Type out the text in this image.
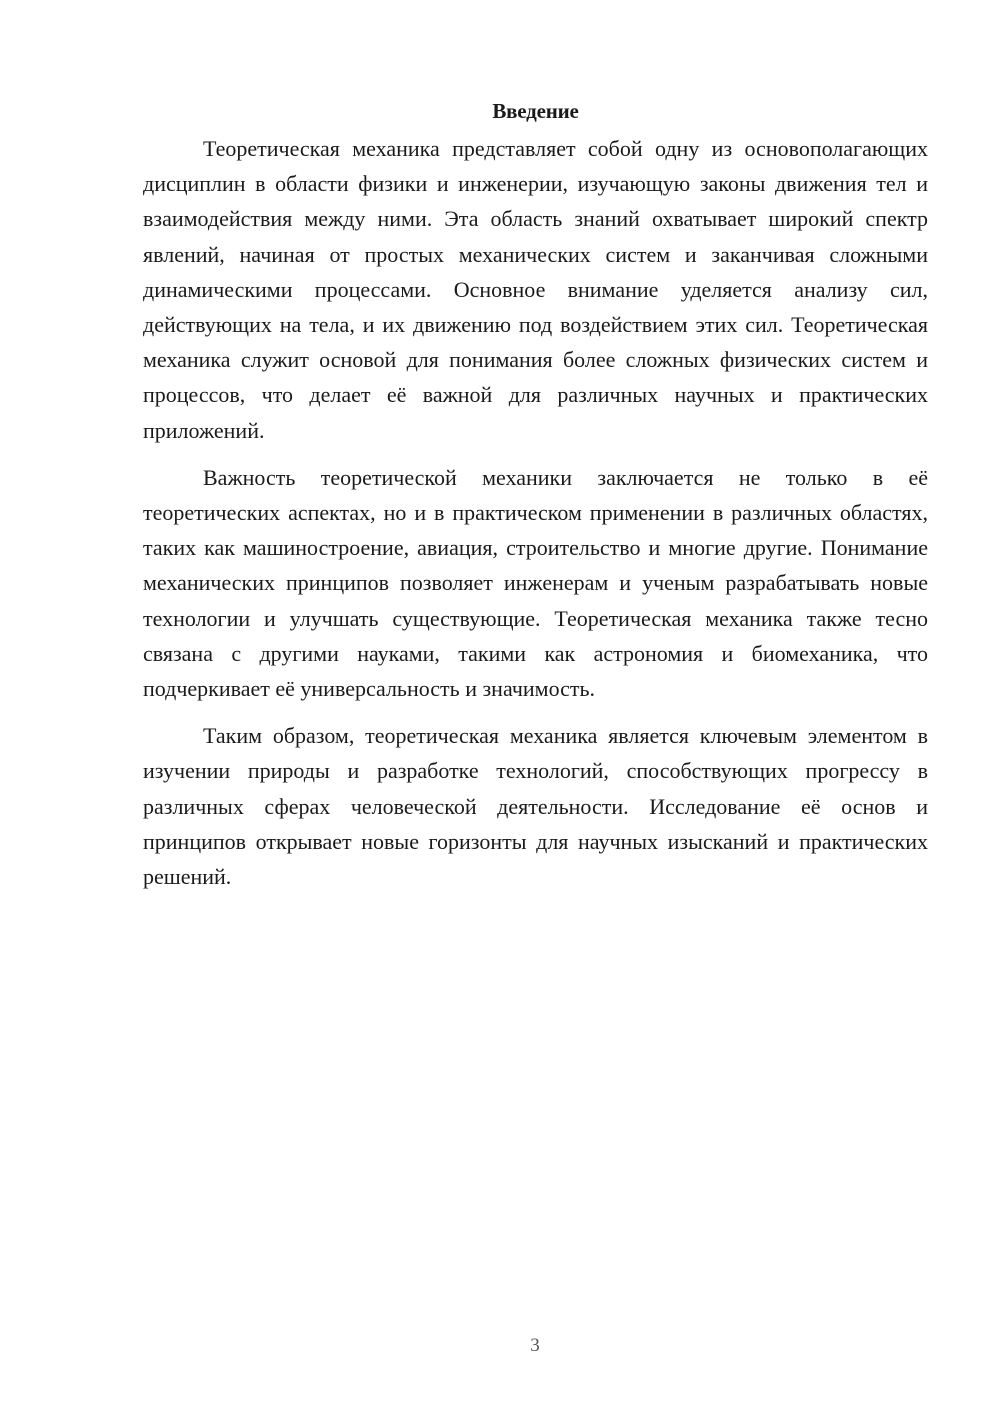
Введение

Теоретическая механика представляет собой одну из основополагающих дисциплин в области физики и инженерии, изучающую законы движения тел и взаимодействия между ними. Эта область знаний охватывает широкий спектр явлений, начиная от простых механических систем и заканчивая сложными динамическими процессами. Основное внимание уделяется анализу сил, действующих на тела, и их движению под воздействием этих сил. Теоретическая механика служит основой для понимания более сложных физических систем и процессов, что делает её важной для различных научных и практических приложений.

Важность теоретической механики заключается не только в её теоретических аспектах, но и в практическом применении в различных областях, таких как машиностроение, авиация, строительство и многие другие. Понимание механических принципов позволяет инженерам и ученым разрабатывать новые технологии и улучшать существующие. Теоретическая механика также тесно связана с другими науками, такими как астрономия и биомеханика, что подчеркивает её универсальность и значимость.

Таким образом, теоретическая механика является ключевым элементом в изучении природы и разработке технологий, способствующих прогрессу в различных сферах человеческой деятельности. Исследование её основ и принципов открывает новые горизонты для научных изысканий и практических решений.

3
